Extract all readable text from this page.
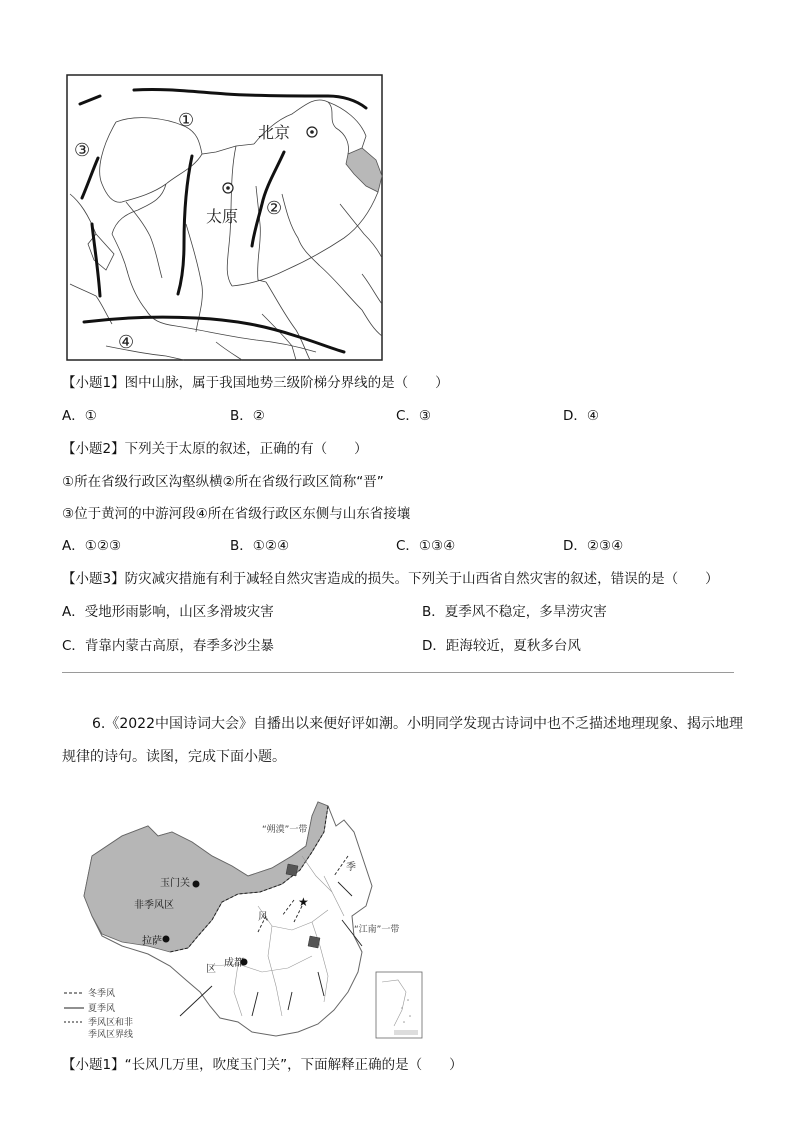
北京
太原
①
②
③
④
【小题1】图中山脉，属于我国地势三级阶梯分界线的是（　　）
A．①	B．②	C．③	D．④
【小题2】下列关于太原的叙述，正确的有（　　）
①所在省级行政区沟壑纵横②所在省级行政区简称“晋”
③位于黄河的中游河段④所在省级行政区东侧与山东省接壤
A．①②③	B．①②④	C．①③④	D．②③④
【小题3】防灾减灾措施有利于减轻自然灾害造成的损失。下列关于山西省自然灾害的叙述，错误的是（　　）
A．受地形雨影响，山区多滑坡灾害	B．夏季风不稳定，多旱涝灾害
C．背靠内蒙古高原，春季多沙尘暴	D．距海较近，夏秋多台风
6.《2022中国诗词大会》自播出以来便好评如潮。小明同学发现古诗词中也不乏描述地理现象、揭示地理
规律的诗句。读图，完成下面小题。
★
玉门关
非季风区
拉萨
成都
“朔漠”一带
“江南”一带
季
风
区
冬季风
夏季风
季风区和非
季风区界线
【小题1】“长风几万里，吹度玉门关”，下面解释正确的是（　　）
